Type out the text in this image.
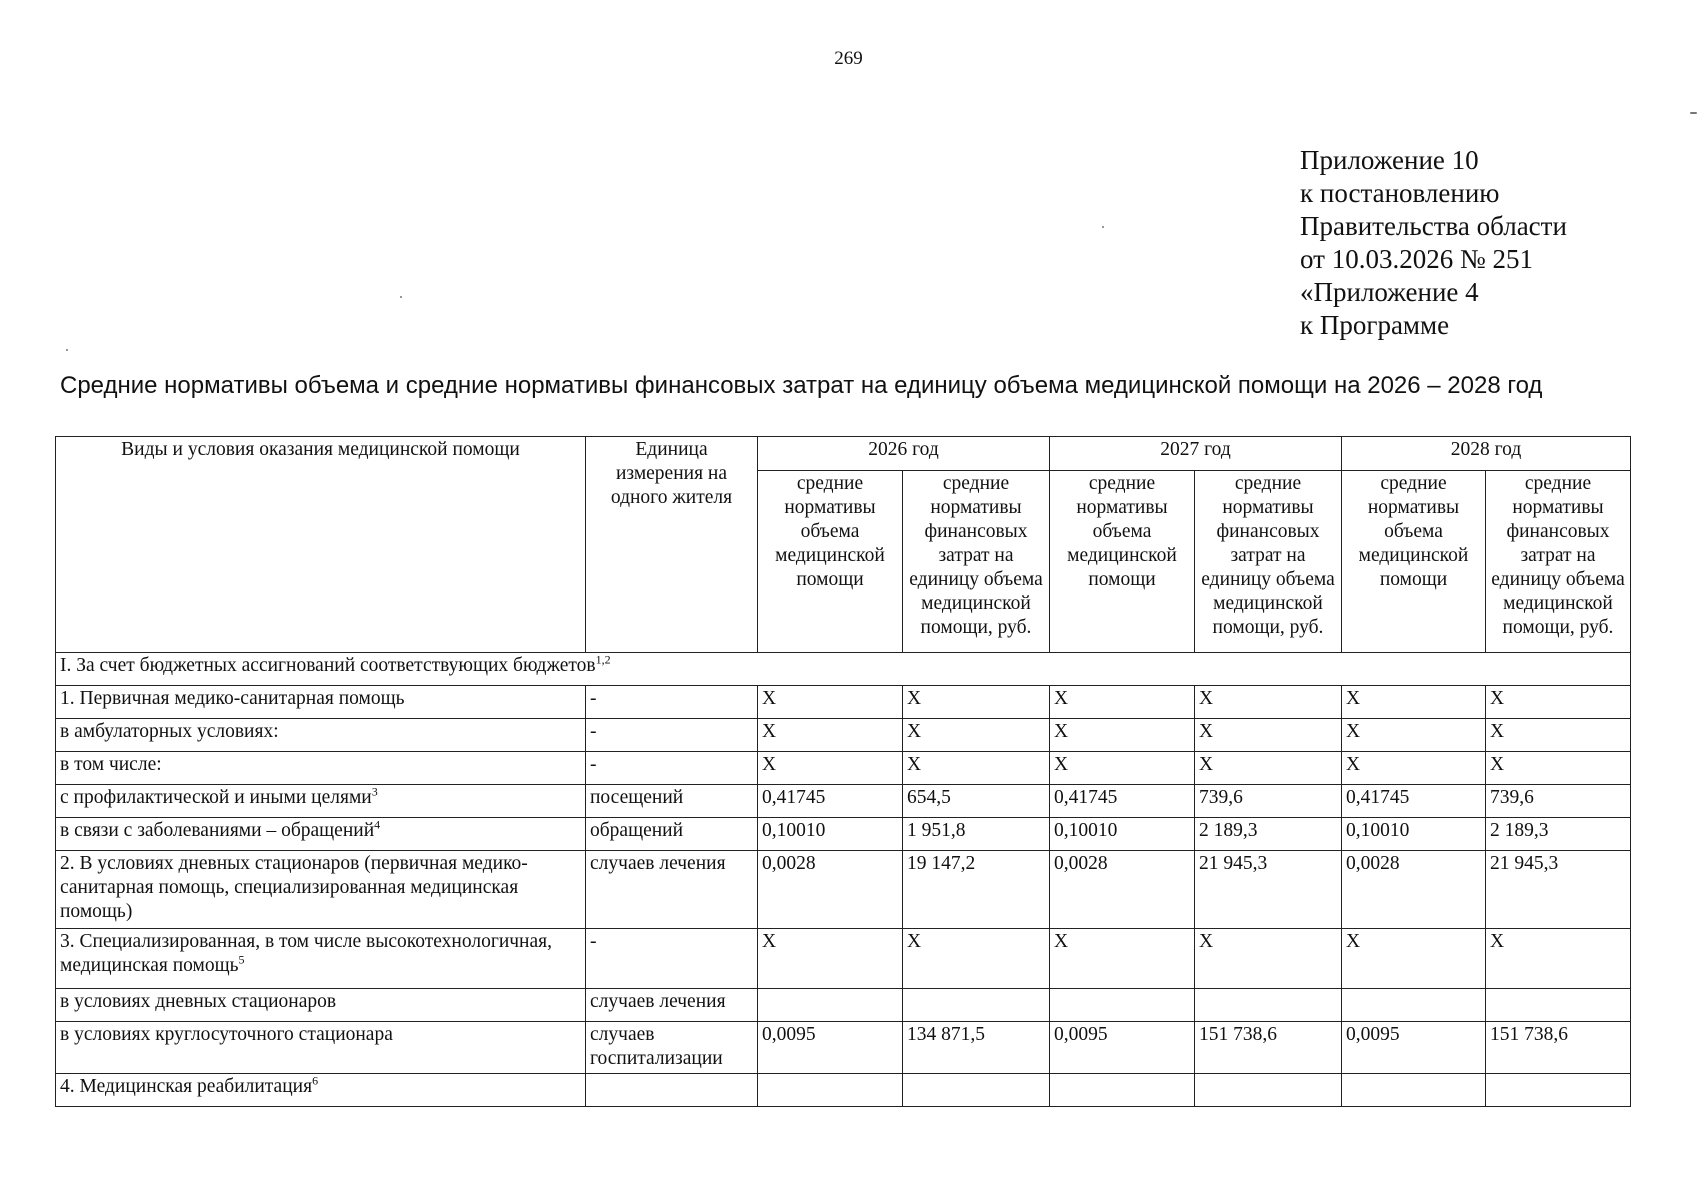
269
Приложение 10
к постановлению
Правительства области
от 10.03.2026 № 251
«Приложение 4
к Программе
Средние нормативы объема и средние нормативы финансовых затрат на единицу объема медицинской помощи на 2026 – 2028 год
Виды и условия оказания медицинской помощи	Единица измерения на одного жителя	2026 год		2027 год		2028 год	
		средние нормативы объема медицинской помощи	средние нормативы финансовых затрат на единицу объема медицинской помощи, руб.	средние нормативы объема медицинской помощи	средние нормативы финансовых затрат на единицу объема медицинской помощи, руб.	средние нормативы объема медицинской помощи	средние нормативы финансовых затрат на единицу объема медицинской помощи, руб.
I. За счет бюджетных ассигнований соответствующих бюджетов$^{1,2}$
1. Первичная медико-санитарная помощь	-	X	X	X	X	X	X
в амбулаторных условиях:	-	X	X	X	X	X	X
в том числе:	-	X	X	X	X	X	X
с профилактической и иными целями$^3$	посещений	0,41745	654,5	0,41745	739,6	0,41745	739,6
в связи с заболеваниями – обращений$^4$	обращений	0,10010	1 951,8	0,10010	2 189,3	0,10010	2 189,3
2. В условиях дневных стационаров (первичная медико-санитарная помощь, специализированная медицинская помощь)	случаев лечения	0,0028	19 147,2	0,0028	21 945,3	0,0028	21 945,3
3. Специализированная, в том числе высокотехнологичная, медицинская помощь$^5$	-	X	X	X	X	X	X
в условиях дневных стационаров	случаев лечения						
в условиях круглосуточного стационара	случаев госпитализации	0,0095	134 871,5	0,0095	151 738,6	0,0095	151 738,6
4. Медицинская реабилитация$^6$							
